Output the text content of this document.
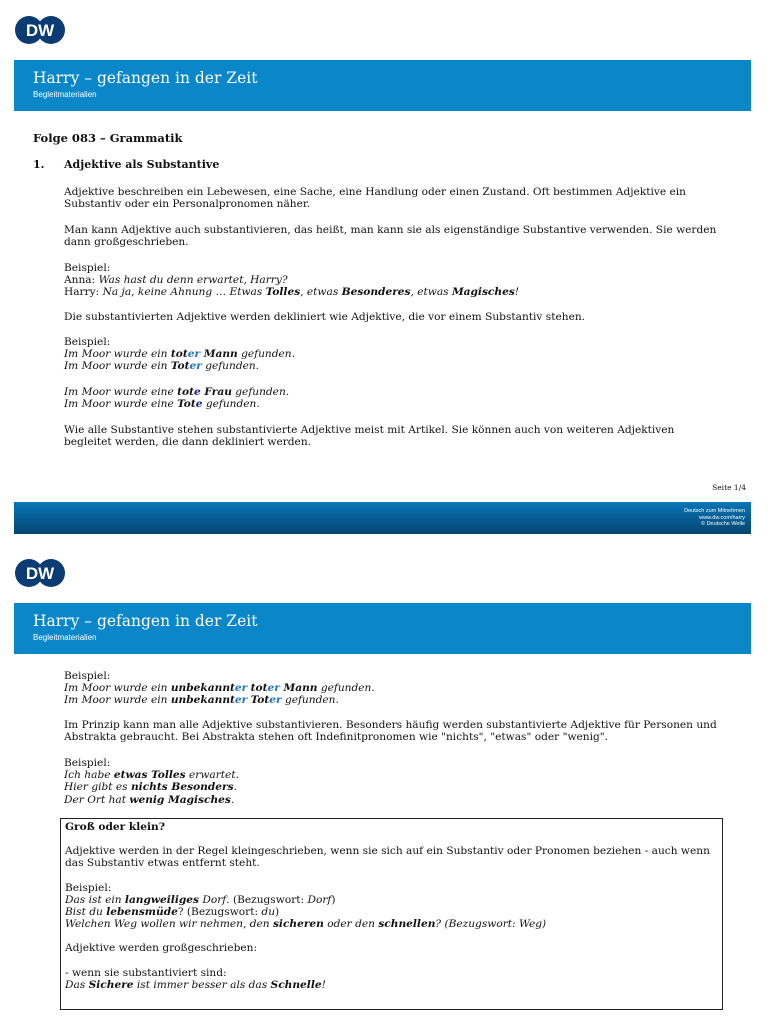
DW
Harry – gefangen in der Zeit
Begleitmaterialien
Folge 083 – Grammatik
1. Adjektive als Substantive
Adjektive beschreiben ein Lebewesen, eine Sache, eine Handlung oder einen Zustand. Oft bestimmen Adjektive ein Substantiv oder ein Personalpronomen näher.
Man kann Adjektive auch substantivieren, das heißt, man kann sie als eigenständige Substantive verwenden. Sie werden dann großgeschrieben.
Beispiel:
Anna: Was hast du denn erwartet, Harry?
Harry: Na ja, keine Ahnung … Etwas Tolles, etwas Besonderes, etwas Magisches!
Die substantivierten Adjektive werden dekliniert wie Adjektive, die vor einem Substantiv stehen.
Beispiel:
Im Moor wurde ein toter Mann gefunden.
Im Moor wurde ein Toter gefunden.
Im Moor wurde eine tote Frau gefunden.
Im Moor wurde eine Tote gefunden.
Wie alle Substantive stehen substantivierte Adjektive meist mit Artikel. Sie können auch von weiteren Adjektiven begleitet werden, die dann dekliniert werden.
Seite 1/4
Deutsch zum Mitnehmen
www.dw.com/harry
© Deutsche Welle
DW
Harry – gefangen in der Zeit
Begleitmaterialien
Beispiel:
Im Moor wurde ein unbekannter toter Mann gefunden.
Im Moor wurde ein unbekannter Toter gefunden.
Im Prinzip kann man alle Adjektive substantivieren. Besonders häufig werden substantivierte Adjektive für Personen und Abstrakta gebraucht. Bei Abstrakta stehen oft Indefinitpronomen wie "nichts", "etwas" oder "wenig".
Beispiel:
Ich habe etwas Tolles erwartet.
Hier gibt es nichts Besonders.
Der Ort hat wenig Magisches.
Groß oder klein?
Adjektive werden in der Regel kleingeschrieben, wenn sie sich auf ein Substantiv oder Pronomen beziehen - auch wenn das Substantiv etwas entfernt steht.
Beispiel:
Das ist ein langweiliges Dorf. (Bezugswort: Dorf)
Bist du lebensmüde? (Bezugswort: du)
Welchen Weg wollen wir nehmen, den sicheren oder den schnellen? (Bezugswort: Weg)
Adjektive werden großgeschrieben:
- wenn sie substantiviert sind:
Das Sichere ist immer besser als das Schnelle!
